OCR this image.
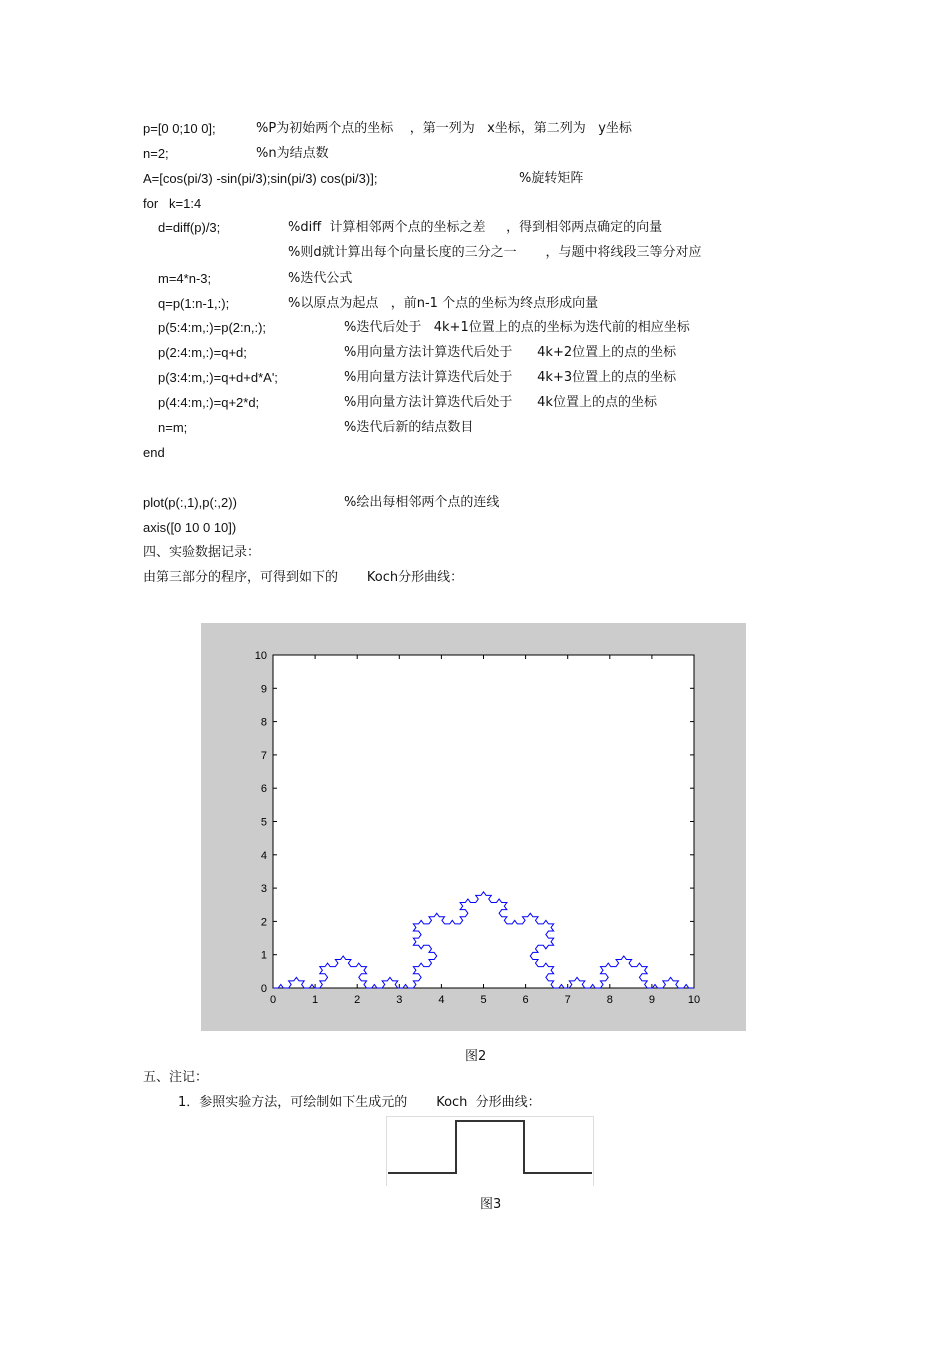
p=[0 0;10 0];	%P为初始两个点的坐标    ，第一列为   x坐标，第二列为   y坐标
n=2;	%n为结点数
A=[cos(pi/3) -sin(pi/3);sin(pi/3) cos(pi/3)];	%旋转矩阵
for   k=1:4
d=diff(p)/3;	%diff  计算相邻两个点的坐标之差     ，得到相邻两点确定的向量
%则d就计算出每个向量长度的三分之一       ，与题中将线段三等分对应
m=4*n-3;	%迭代公式
q=p(1:n-1,:);	%以原点为起点   ，前n-1 个点的坐标为终点形成向量
p(5:4:m,:)=p(2:n,:);	%迭代后处于   4k+1位置上的点的坐标为迭代前的相应坐标
p(2:4:m,:)=q+d;	%用向量方法计算迭代后处于      4k+2位置上的点的坐标
p(3:4:m,:)=q+d+d*A';	%用向量方法计算迭代后处于      4k+3位置上的点的坐标
p(4:4:m,:)=q+2*d;	%用向量方法计算迭代后处于      4k位置上的点的坐标
n=m;	%迭代后新的结点数目
end
plot(p(:,1),p(:,2))	%绘出每相邻两个点的连线
axis([0 10 0 10])
四、实验数据记录：
由第三部分的程序，可得到如下的       Koch分形曲线：
0	1	2	3	4	5	6	7	8	9	10
0
1
2
3
4
5
6
7
8
9
10
图2
五、注记：
1．参照实验方法，可绘制如下生成元的       Koch  分形曲线：
图3
